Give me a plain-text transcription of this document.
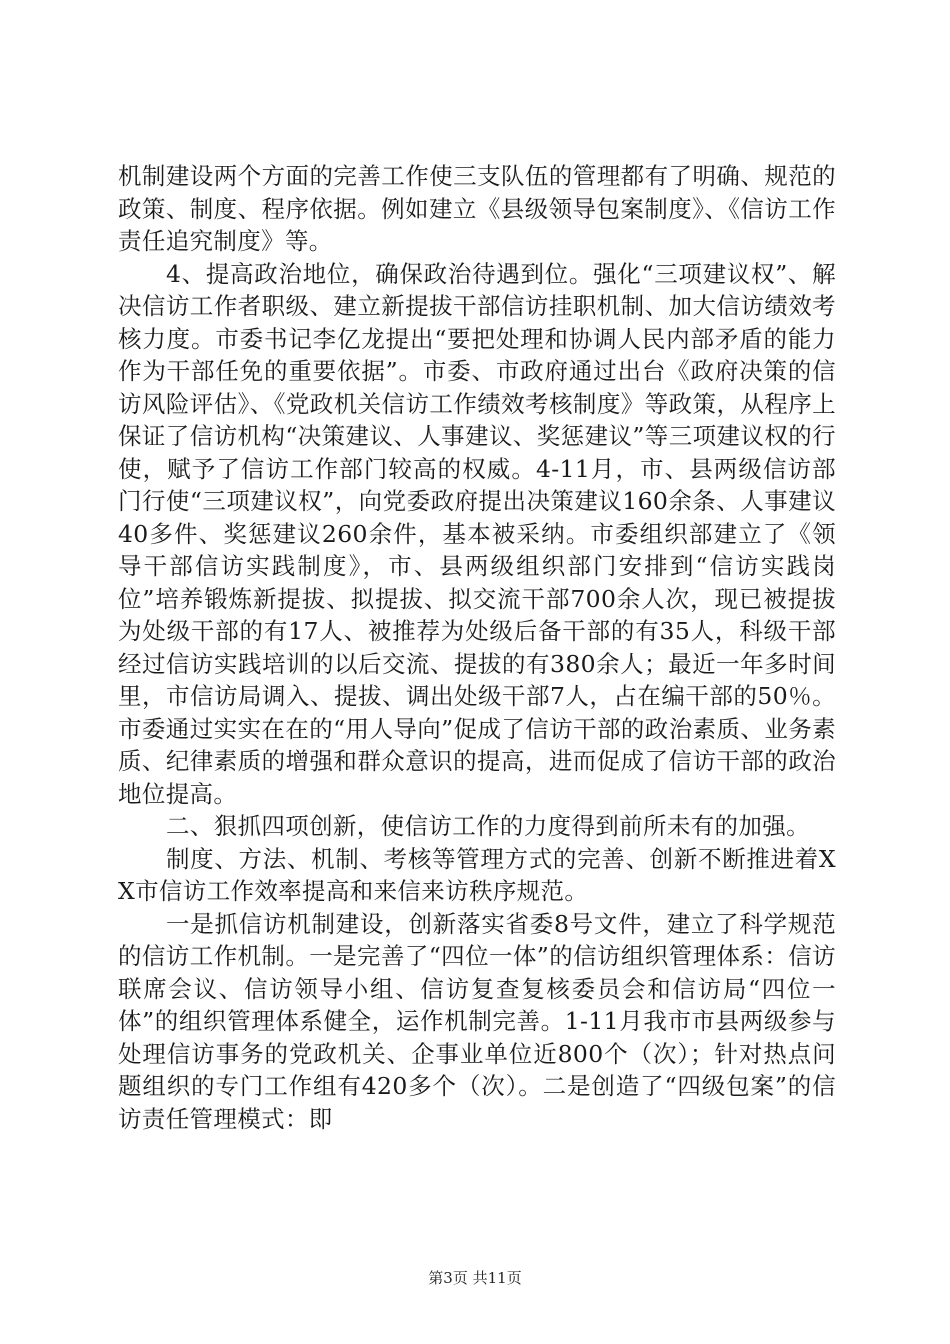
机制建设两个方面的完善工作使三支队伍的管理都有了明确、规范的政策、制度、程序依据。例如建立《县级领导包案制度》、《信访工作责任追究制度》等。

4、提高政治地位，确保政治待遇到位。强化“三项建议权”、解决信访工作者职级、建立新提拔干部信访挂职机制、加大信访绩效考核力度。市委书记李亿龙提出“要把处理和协调人民内部矛盾的能力作为干部任免的重要依据”。市委、市政府通过出台《政府决策的信访风险评估》、《党政机关信访工作绩效考核制度》等政策，从程序上保证了信访机构“决策建议、人事建议、奖惩建议”等三项建议权的行使，赋予了信访工作部门较高的权威。4-11月，市、县两级信访部门行使“三项建议权”，向党委政府提出决策建议160余条、人事建议40多件、奖惩建议260余件，基本被采纳。市委组织部建立了《领导干部信访实践制度》，市、县两级组织部门安排到“信访实践岗位”培养锻炼新提拔、拟提拔、拟交流干部700余人次，现已被提拔为处级干部的有17人、被推荐为处级后备干部的有35人，科级干部经过信访实践培训的以后交流、提拔的有380余人；最近一年多时间里，市信访局调入、提拔、调出处级干部7人，占在编干部的50％。市委通过实实在在的“用人导向”促成了信访干部的政治素质、业务素质、纪律素质的增强和群众意识的提高，进而促成了信访干部的政治地位提高。

二、狠抓四项创新，使信访工作的力度得到前所未有的加强。

制度、方法、机制、考核等管理方式的完善、创新不断推进着XX市信访工作效率提高和来信来访秩序规范。

一是抓信访机制建设，创新落实省委8号文件，建立了科学规范的信访工作机制。一是完善了“四位一体”的信访组织管理体系：信访联席会议、信访领导小组、信访复查复核委员会和信访局“四位一体”的组织管理体系健全，运作机制完善。1-11月我市市县两级参与处理信访事务的党政机关、企事业单位近800个（次）；针对热点问题组织的专门工作组有420多个（次）。二是创造了“四级包案”的信访责任管理模式：即

第3页 共11页
